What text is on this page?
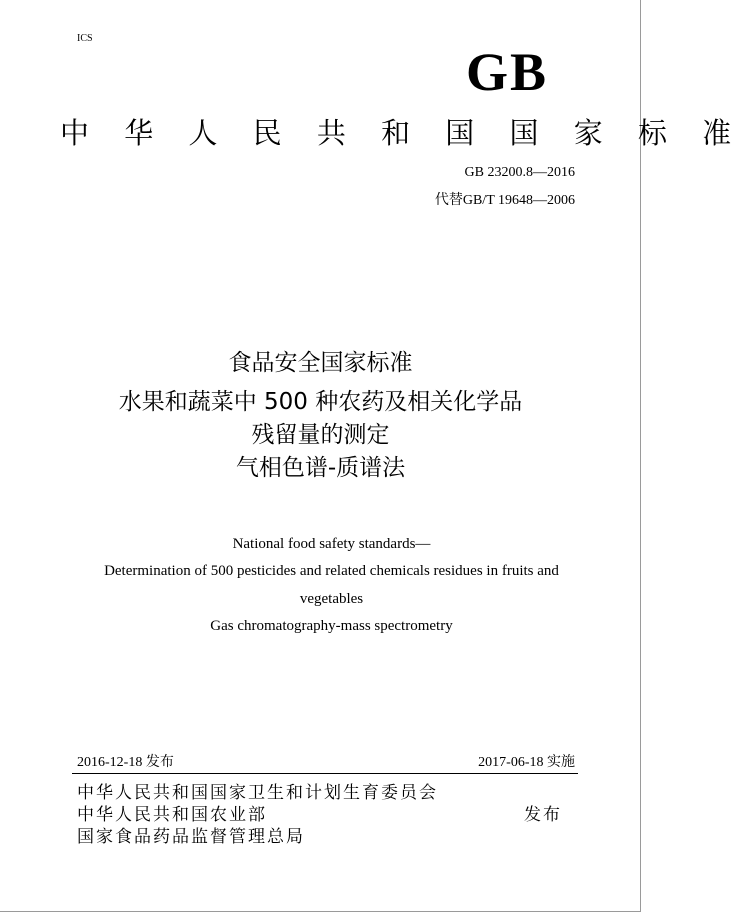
ICS
GB
中 华 人 民 共 和 国 国 家 标 准
GB 23200.8—2016
代替GB/T 19648—2006
食品安全国家标准
水果和蔬菜中 500 种农药及相关化学品
残留量的测定
气相色谱-质谱法
National food safety standards—
Determination of 500 pesticides and related chemicals residues in fruits and
vegetables
Gas chromatography-mass spectrometry
2016-12-18 发布	2017-06-18 实施
中华人民共和国国家卫生和计划生育委员会
中华人民共和国农业部	发布
国家食品药品监督管理总局
